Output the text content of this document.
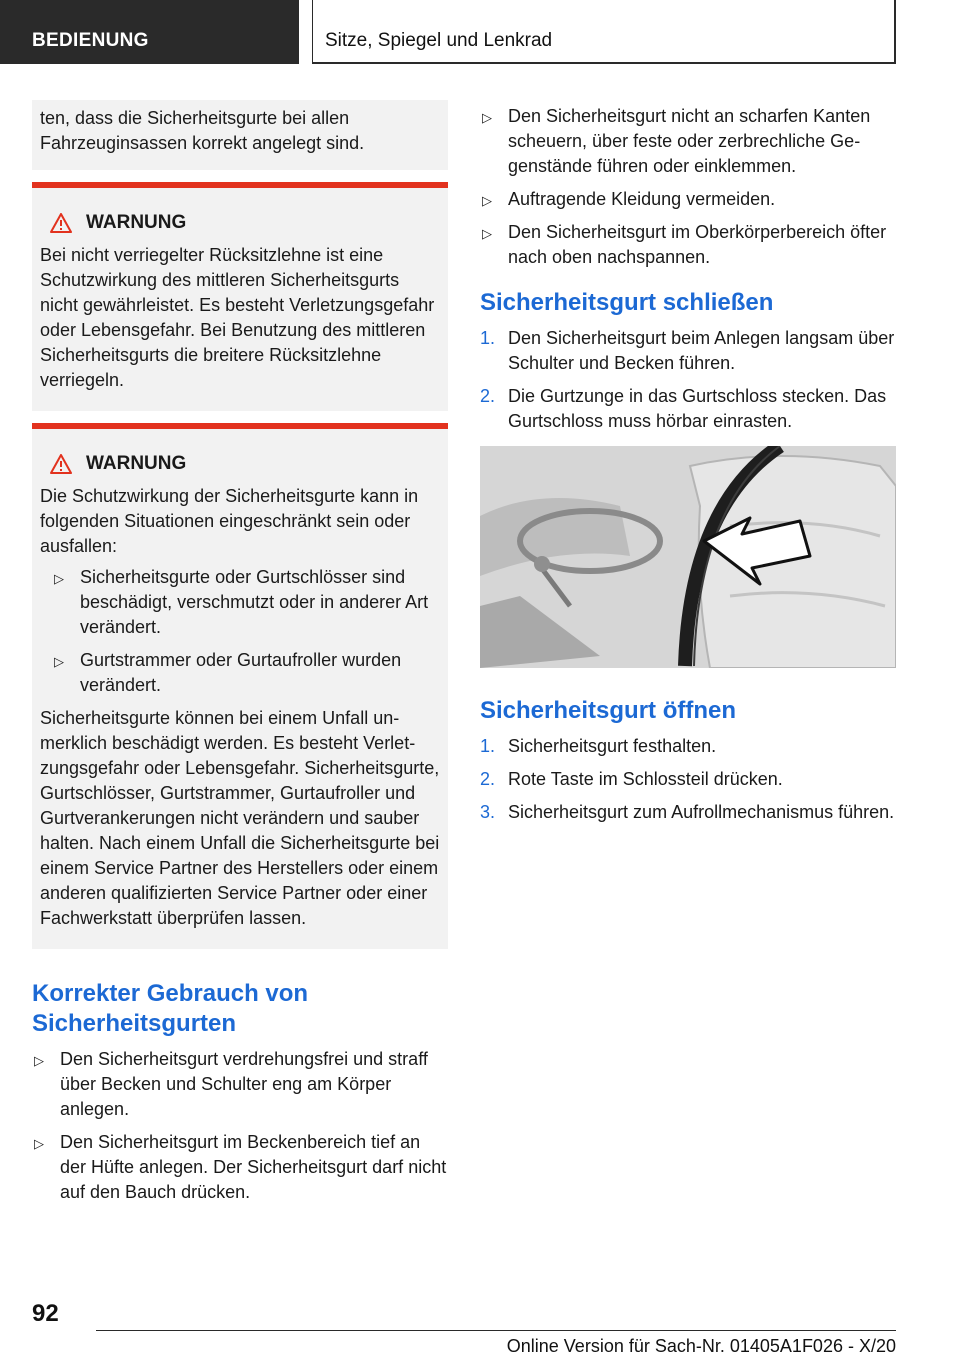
BEDIENUNG	Sitze, Spiegel und Lenkrad

ten, dass die Sicherheitsgurte bei allen Fahrzeuginsassen korrekt angelegt sind.

WARNUNG

Bei nicht verriegelter Rücksitzlehne ist eine Schutzwirkung des mittleren Sicherheitsgurts nicht gewährleistet. Es besteht Verletzungsgefahr oder Lebensgefahr. Bei Benutzung des mittleren Sicherheitsgurts die breitere Rücksitzlehne verriegeln.

WARNUNG

Die Schutzwirkung der Sicherheitsgurte kann in folgenden Situationen eingeschränkt sein oder ausfallen:

▷ Sicherheitsgurte oder Gurtschlösser sind beschädigt, verschmutzt oder in anderer Art verändert.
▷ Gurtstrammer oder Gurtaufroller wurden verändert.

Sicherheitsgurte können bei einem Unfall unmerklich beschädigt werden. Es besteht Verletzungsgefahr oder Lebensgefahr. Sicherheitsgurte, Gurtschlösser, Gurtstrammer, Gurtaufroller und Gurtverankerungen nicht verändern und sauber halten. Nach einem Unfall die Sicherheitsgurte bei einem Service Partner des Herstellers oder einem anderen qualifizierten Service Partner oder einer Fachwerkstatt überprüfen lassen.

Korrekter Gebrauch von Sicherheitsgurten
▷ Den Sicherheitsgurt verdrehungsfrei und straff über Becken und Schulter eng am Körper anlegen.
▷ Den Sicherheitsgurt im Beckenbereich tief an der Hüfte anlegen. Der Sicherheitsgurt darf nicht auf den Bauch drücken.
▷ Den Sicherheitsgurt nicht an scharfen Kanten scheuern, über feste oder zerbrechliche Gegenstände führen oder einklemmen.
▷ Auftragende Kleidung vermeiden.
▷ Den Sicherheitsgurt im Oberkörperbereich öfter nach oben nachspannen.
Sicherheitsgurt schließen
1. Den Sicherheitsgurt beim Anlegen langsam über Schulter und Becken führen.
2. Die Gurtzunge in das Gurtschloss stecken. Das Gurtschloss muss hörbar einrasten.
Sicherheitsgurt öffnen
1. Sicherheitsgurt festhalten.
2. Rote Taste im Schlossteil drücken.
3. Sicherheitsgurt zum Aufrollmechanismus führen.
92
Online Version für Sach-Nr. 01405A1F026 - X/20
